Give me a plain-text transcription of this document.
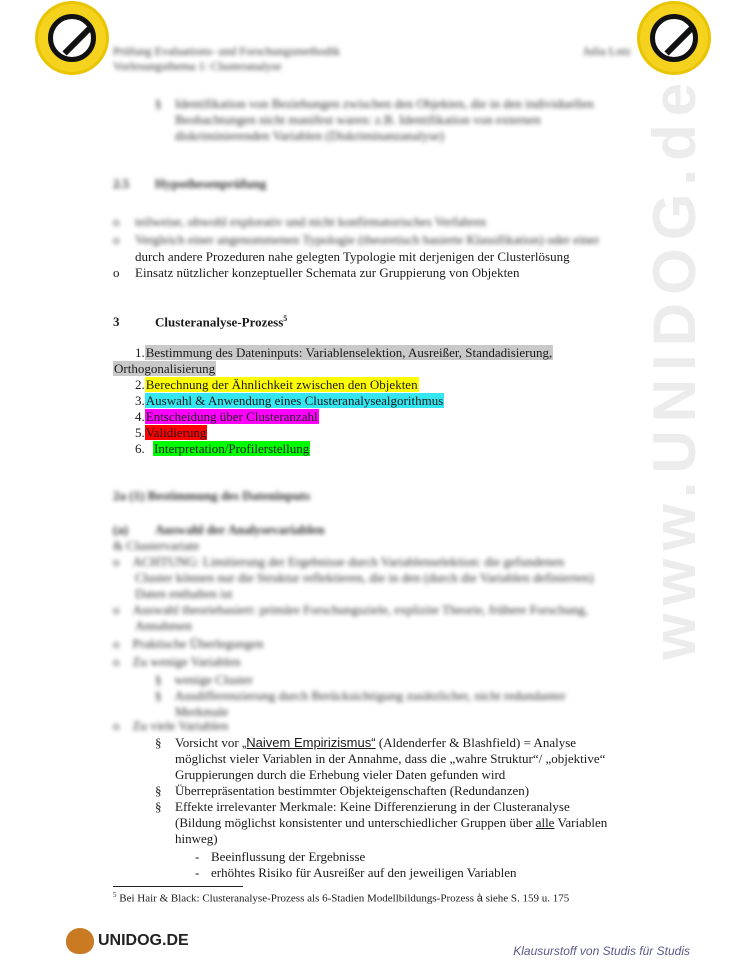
www.UNIDOG.de
Prüfung Evaluations- und Forschungsmethodik
Vorlesungsthema 1: Clusteranalyse
Julia Lotz
§	Identifikation von Beziehungen zwischen den Objekten, die in den individuellen
Beobachtungen nicht manifest waren: z.B. Identifikation von externen
diskriminierenden Variablen (Diskriminanzanalyse)
2.5 Hypothesenprüfung
o teilweise, obwohl explorativ und nicht konfirmatorisches Verfahren
o Vergleich einer angenommenen Typologie (theoretisch basierte Klassifikation) oder einer
durch andere Prozeduren nahe gelegten Typologie mit derjenigen der Clusterlösung
o Einsatz nützlicher konzeptueller Schemata zur Gruppierung von Objekten
3	Clusteranalyse-Prozess$^5$
1.Bestimmung des Dateninputs: Variablenselektion, Ausreißer, Standadisierung,
Orthogonalisierung
2.Berechnung der Ähnlichkeit zwischen den Objekten
3.Auswahl & Anwendung eines Clusteranalysealgorithmus
4.Entscheidung über Clusteranzahl
5.Validierung
6. Interpretation/Profilerstellung
2a (1) Bestimmung des Dateninputs
(a) Auswahl der Analysevariablen
& Clustervariate
o    ACHTUNG: Limitierung der Ergebnisse durch Variablenselektion: die gefundenen
Cluster können nur die Struktur reflektieren, die in den (durch die Variablen definierten)
Daten enthalten ist
o    Auswahl theoriebasiert: primäre Forschungsziele, explizite Theorie, frühere Forschung,
Annahmen
o    Praktische Überlegungen
o    Zu wenige Variablen
§    wenige Cluster
§    Ausdifferenzierung durch Berücksichtigung zusätzlicher, nicht redundanter
Merkmale
o    Zu viele Variablen
§ Vorsicht vor „Naivem Empirizismus“ (Aldenderfer & Blashfield) = Analyse
möglichst vieler Variablen in der Annahme, dass die „wahre Struktur“/ „objektive“
Gruppierungen durch die Erhebung vieler Daten gefunden wird
§ Überrepräsentation bestimmter Objekteigenschaften (Redundanzen)
§ Effekte irrelevanter Merkmale: Keine Differenzierung in der Clusteranalyse
(Bildung möglichst konsistenter und unterschiedlicher Gruppen über alle Variablen
hinweg)
- Beeinflussung der Ergebnisse
- erhöhtes Risiko für Ausreißer auf den jeweiligen Variablen
$^5$ Bei Hair & Black: Clusteranalyse-Prozess als 6-Stadien Modellbildungs-Prozess à siehe S. 159 u. 175
UNIDOG.DE
Klausurstoff von Studis für Studis
